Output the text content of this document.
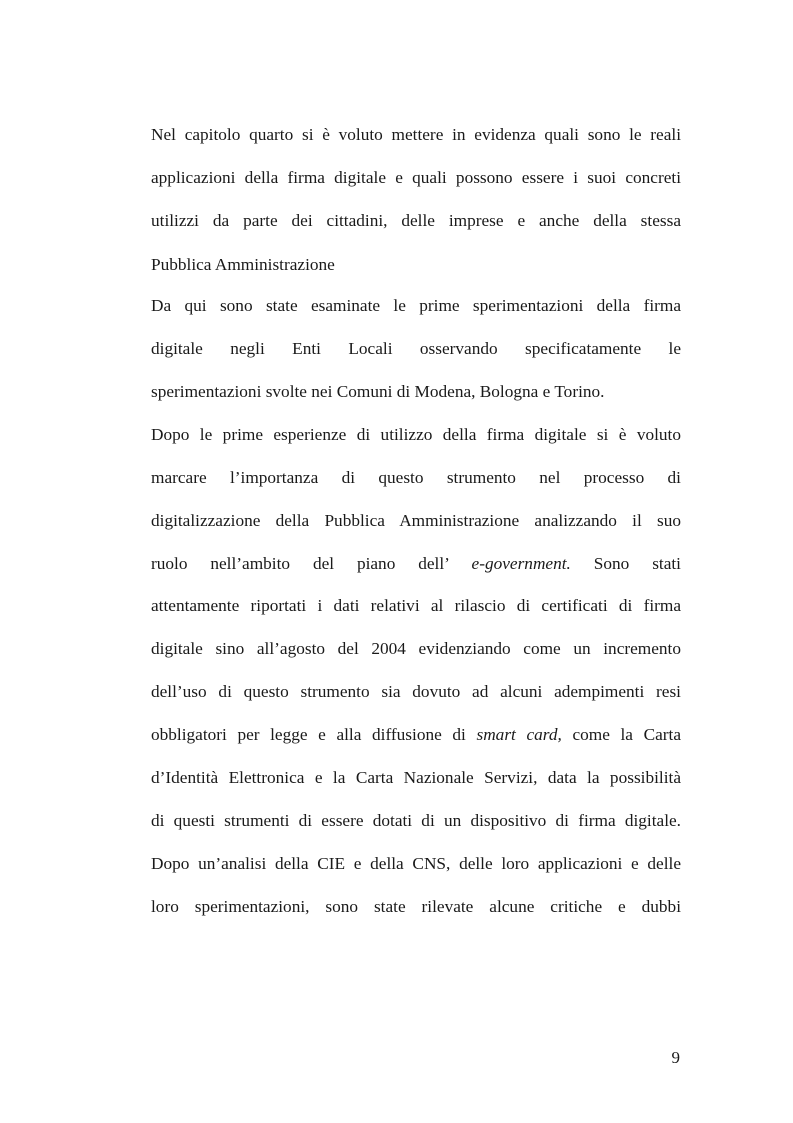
Nel capitolo quarto si è voluto mettere in evidenza quali sono le reali
applicazioni della firma digitale e quali possono essere i suoi concreti
utilizzi da parte dei cittadini, delle imprese e anche della stessa
Pubblica Amministrazione
Da qui sono state esaminate le prime sperimentazioni della firma
digitale negli Enti Locali osservando specificatamente le
sperimentazioni svolte nei Comuni di Modena, Bologna e Torino.
Dopo le prime esperienze di utilizzo della firma digitale si è voluto
marcare l’importanza di questo strumento nel processo di
digitalizzazione della Pubblica Amministrazione analizzando il suo
ruolo nell’ambito del piano dell’ e-government. Sono stati
attentamente riportati i dati relativi al rilascio di certificati di firma
digitale sino all’agosto del 2004 evidenziando come un incremento
dell’uso di questo strumento sia dovuto ad alcuni adempimenti resi
obbligatori per legge e alla diffusione di smart card, come la Carta
d’Identità Elettronica e la Carta Nazionale Servizi, data la possibilità
di questi strumenti di essere dotati di un dispositivo di firma digitale.
Dopo un’analisi della CIE e della CNS, delle loro applicazioni e delle
loro sperimentazioni, sono state rilevate alcune critiche e dubbi
9
